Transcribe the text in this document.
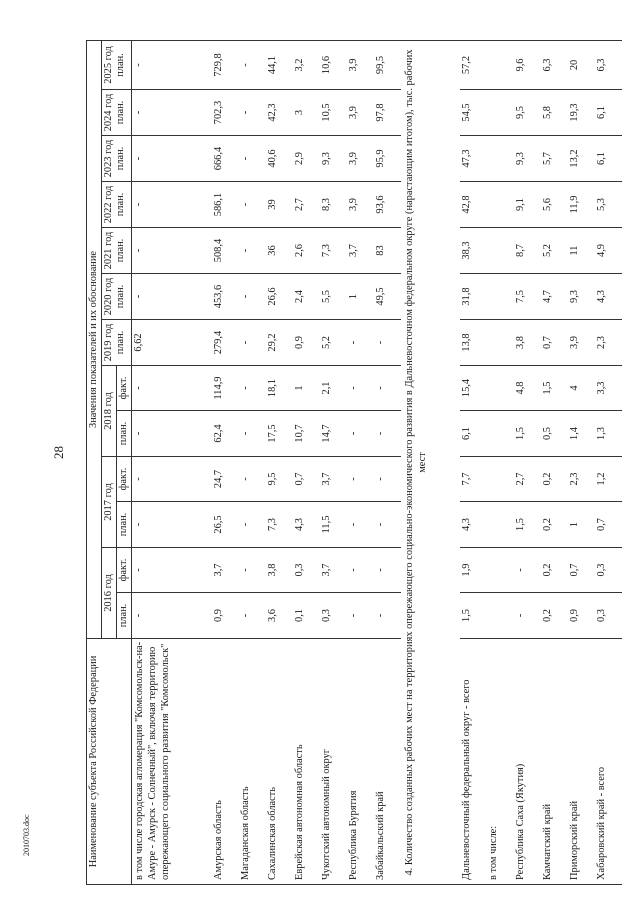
28
2010703.doc	Наименование субъекта Российской Федерации	Значения показателей и их обоснование												
	2016 год		2017 год		2018 год		2019 год план.	2020 год план.	2021 год план.	2022 год план.	2023 год план.	2024 год план.	2025 год план.
	план.	факт.	план.	факт.	план.	факт.							
в том числе городская агломерация "Комсомольск-на-Амуре - Амурск - Солнечный", включая территорию опережающего социального развития "Комсомольск"	-	-	-	-	-	-	6,62	-	-	-	-	-	-
Амурская область	0,9	3,7	26,5	24,7	62,4	114,9	279,4	453,6	508,4	586,1	666,4	702,3	729,8
Магаданская область	-	-	-	-	-	-	-	-	-	-	-	-	-
Сахалинская область	3,6	3,8	7,3	9,5	17,5	18,1	29,2	26,6	36	39	40,6	42,3	44,1
Еврейская автономная область	0,1	0,3	4,3	0,7	10,7	1	0,9	2,4	2,6	2,7	2,9	3	3,2
Чукотский автономный округ	0,3	3,7	11,5	3,7	14,7	2,1	5,2	5,5	7,3	8,3	9,3	10,5	10,6
Республика Бурятия	-	-	-	-	-	-	-	1	3,7	3,9	3,9	3,9	3,9
Забайкальский край	-	-	-	-	-	-	-	49,5	83	93,6	95,9	97,8	99,5
4. Количество созданных рабочих мест на территориях опережающего социально-экономического развития в Дальневосточном федеральном округе (нарастающим итогом), тыс. рабочих мест													
Дальневосточный федеральный округ - всего	1,5	1,9	4,3	7,7	6,1	15,4	13,8	31,8	38,3	42,8	47,3	54,5	57,2
в том числе:													
Республика Саха (Якутия)	-	-	1,5	2,7	1,5	4,8	3,8	7,5	8,7	9,1	9,3	9,5	9,6
Камчатский край	0,2	0,2	0,2	0,2	0,5	1,5	0,7	4,7	5,2	5,6	5,7	5,8	6,3
Приморский край	0,9	0,7	1	2,3	1,4	4	3,9	9,3	11	11,9	13,2	19,3	20
Хабаровский край - всего	0,3	0,3	0,7	1,2	1,3	3,3	2,3	4,3	4,9	5,3	6,1	6,1	6,3
